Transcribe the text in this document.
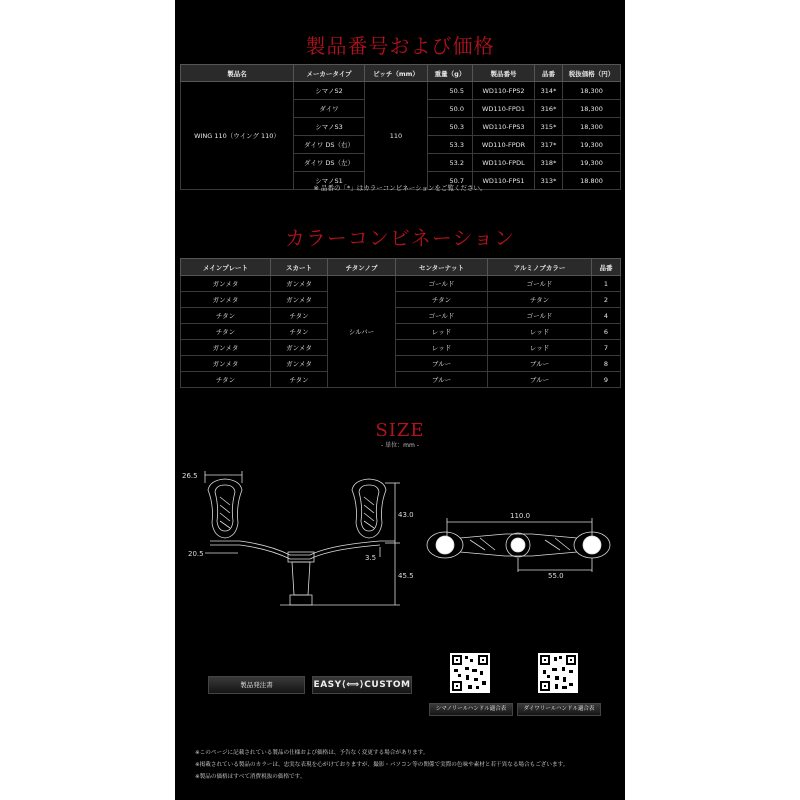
製品番号および価格
製品名	メーカータイプ	ピッチ（mm）	重量（g）	製品番号	品番	税抜価格（円）
WING 110（ウイング 110）	シマノS2	110	50.5	WD110-FPS2	314*	18,300
	ダイワ		50.0	WD110-FPD1	316*	18,300
	シマノS3		50.3	WD110-FPS3	315*	18,300
	ダイワ DS（右）		53.3	WD110-FPDR	317*	19,300
	ダイワ DS（左）		53.2	WD110-FPDL	318*	19,300
	シマノS1		50.7	WD110-FPS1	313*	18.800
※ 品番の「*」はカラーコンビネーションをご覧ください。
カラーコンビネーション
メインプレート	スカート	チタンノブ	センターナット	アルミノブカラー	品番
ガンメタ	ガンメタ	シルバー	ゴールド	ゴールド	1
ガンメタ	ガンメタ		チタン	チタン	2
チタン	チタン		ゴールド	ゴールド	4
チタン	チタン		レッド	レッド	6
ガンメタ	ガンメタ		レッド	レッド	7
ガンメタ	ガンメタ		ブルー	ブルー	8
チタン	チタン		ブルー	ブルー	9
SIZE
- 単位：mm -
26.5
43.0
20.5	3.5
45.5
110.0
55.0
製品発注書	EASY⟨⟺⟩CUSTOM
シマノリールハンドル適合表	ダイワリールハンドル適合表
※このページに記載されている製品の仕様および価格は、予告なく変更する場合があります。
※掲載されている製品のカラーは、忠実な表現を心がけておりますが、撮影・パソコン等の関係で実際の色味や素材と若干異なる場合もございます。
※製品の価格はすべて消費税抜の価格です。
